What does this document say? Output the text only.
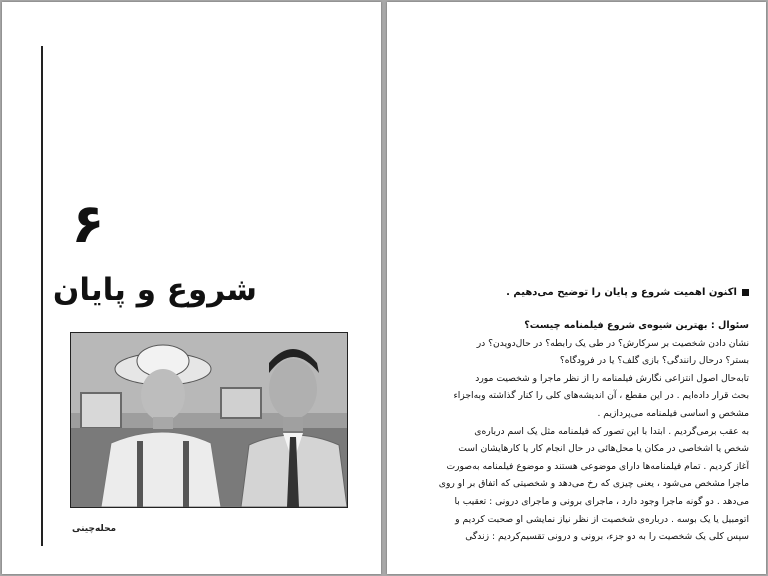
۶
شروع و پایان
محله‌چینی
اکنون اهمیت شروع و پایان را توضیح می‌دهیم .

سئوال : بهترین شیوه‌ی شروع فیلمنامه چیست؟

نشان دادن شخصیت بر سرکارش؟ در طی یک رابطه؟ در حال‌دویدن؟ در

بستر؟ درحال رانندگی؟ بازی گلف؟ یا در فرودگاه؟

تابه‌حال اصول انتزاعی نگارش فیلمنامه را از نظر ماجرا و شخصیت مورد

بحث قرار داده‌ایم . در این مقطع ، آن اندیشه‌های کلی را کنار گذاشته وبه‌اجزاء

مشخص و اساسی فیلمنامه می‌پردازیم .

به عقب برمی‌گردیم . ابتدا با این تصور که فیلمنامه مثل یک اسم درباره‌ی

شخص یا اشخاصی در مکان یا محل‌هائی در حال انجام کار یا کارهایشان است

آغاز کردیم . تمام فیلمنامه‌ها دارای موضوعی هستند و موضوع فیلمنامه به‌صورت

ماجرا مشخص می‌شود ، یعنی چیزی که رخ می‌دهد و شخصیتی که اتفاق بر او روی

می‌دهد . دو گونه ماجرا وجود دارد ، ماجرای برونی و ماجرای درونی : تعقیب با

اتومبیل یا یک بوسه . درباره‌ی شخصیت از نظر نیاز نمایشی او صحبت کردیم و

سپس کلی یک شخصیت را به دو جزء، برونی و درونی تقسیم‌کردیم : زندگی
